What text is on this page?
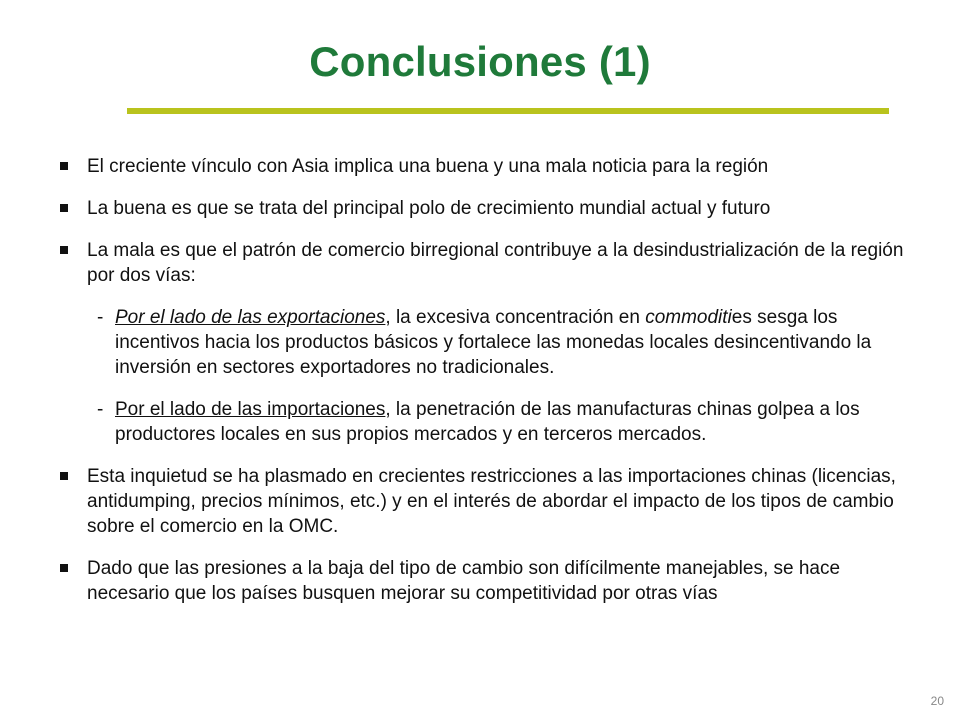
Conclusiones (1)
El creciente vínculo con Asia implica una buena y una mala noticia para la región
La buena es que se trata del principal polo de crecimiento mundial actual y futuro
La mala es que el patrón de comercio birregional contribuye a la desindustrialización de la región por dos vías:
- Por el lado de las exportaciones, la excesiva concentración en commodities sesga los incentivos hacia los productos básicos y fortalece las monedas locales desincentivando la inversión en sectores exportadores no tradicionales.
- Por el lado de las importaciones, la penetración de las manufacturas chinas golpea a los productores locales en sus propios mercados y en terceros mercados.
Esta inquietud se ha plasmado en crecientes restricciones a las importaciones chinas (licencias, antidumping, precios mínimos, etc.) y en el interés de abordar el impacto de los tipos de cambio sobre el comercio en la OMC.
Dado que las presiones a la baja del tipo de cambio son difícilmente manejables, se hace necesario que los países busquen mejorar su competitividad por otras vías
20
